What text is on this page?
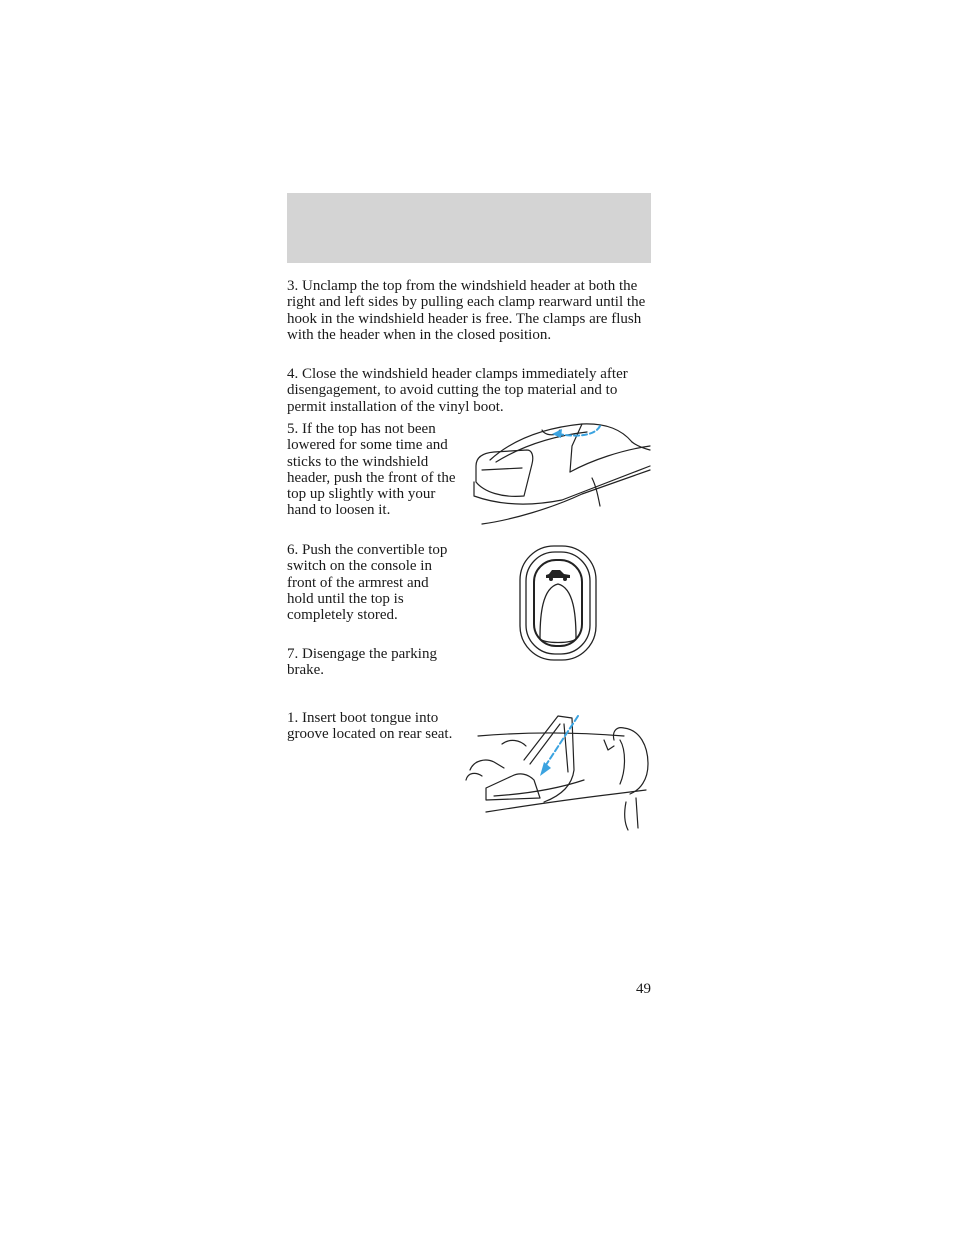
3. Unclamp the top from the windshield header at both the right and left sides by pulling each clamp rearward until the hook in the windshield header is free. The clamps are flush with the header when in the closed position.

4. Close the windshield header clamps immediately after disengagement, to avoid cutting the top material and to permit installation of the vinyl boot.

5. If the top has not been lowered for some time and sticks to the windshield header, push the front of the top up slightly with your hand to loosen it.

6. Push the convertible top switch on the console in front of the armrest and hold until the top is completely stored.

7. Disengage the parking brake.

1. Insert boot tongue into groove located on rear seat.

49
